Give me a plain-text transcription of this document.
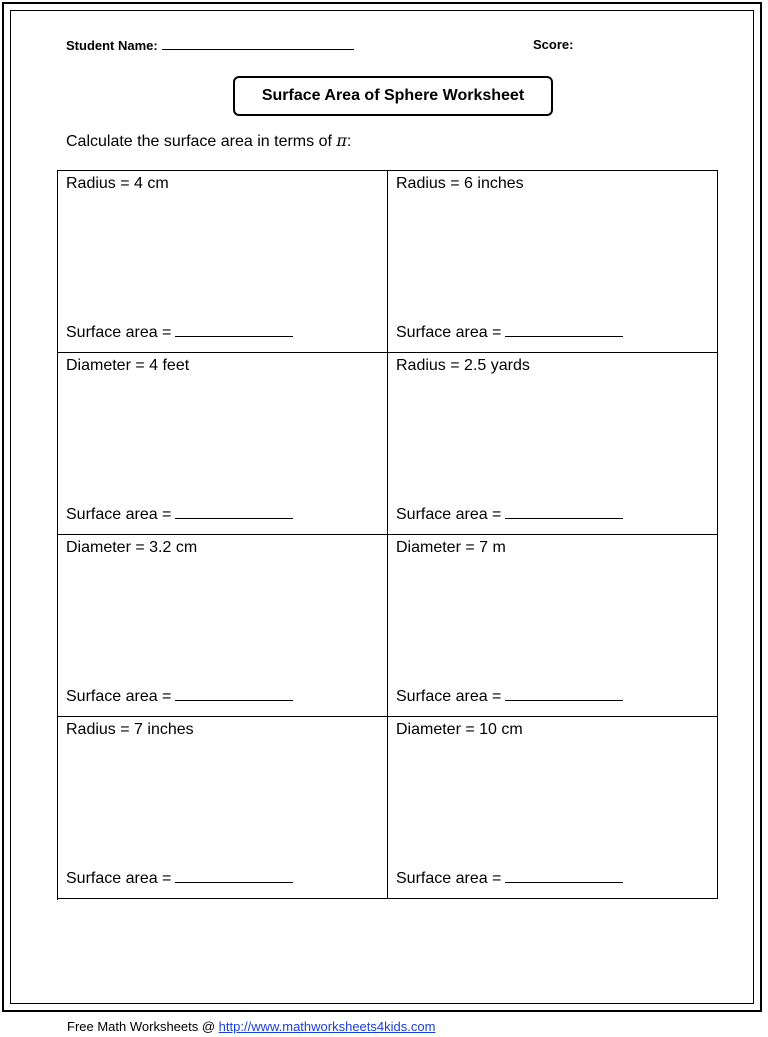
Student Name:	Score:
Surface Area of Sphere Worksheet
Calculate the surface area in terms of π:
Radius = 4 cm
Surface area =
Radius = 6 inches
Surface area =
Diameter = 4 feet
Surface area =
Radius = 2.5 yards
Surface area =
Diameter = 3.2 cm
Surface area =
Diameter = 7 m
Surface area =
Radius = 7 inches
Surface area =
Diameter = 10 cm
Surface area =
Free Math Worksheets @ http://www.mathworksheets4kids.com
